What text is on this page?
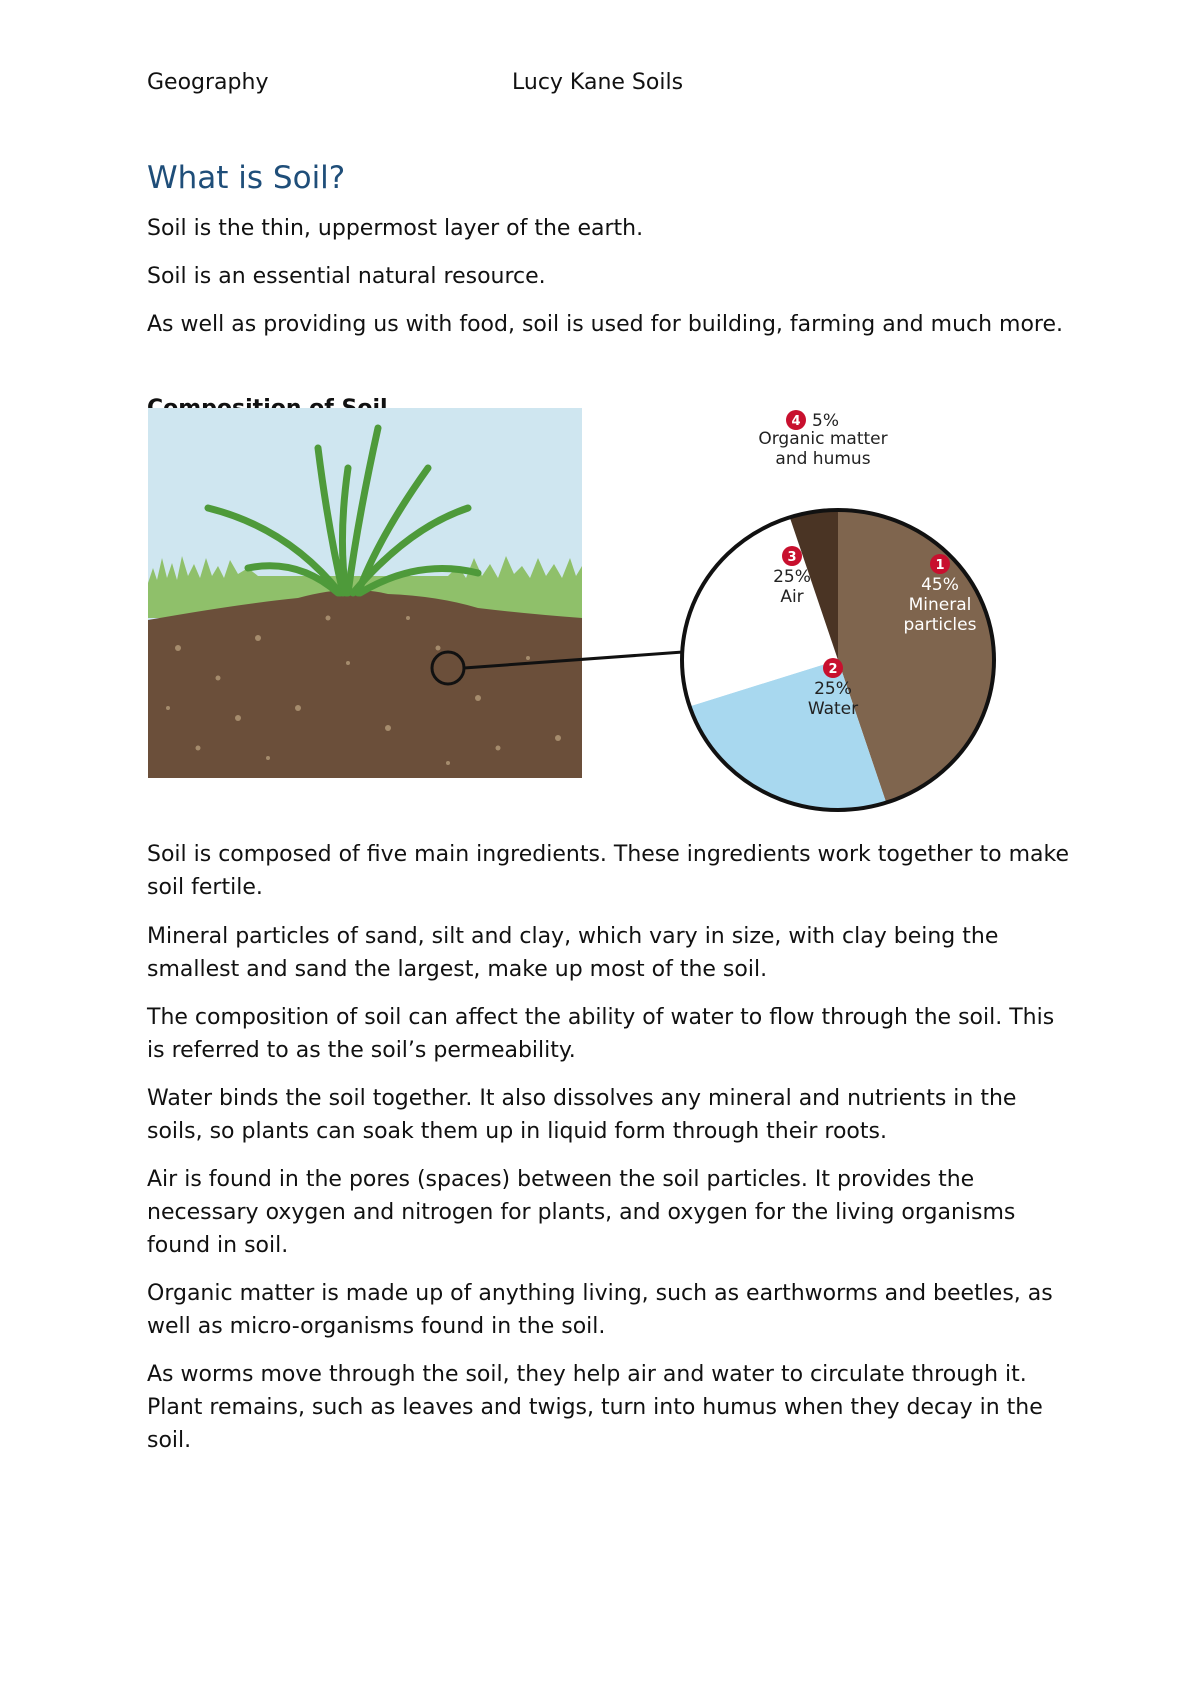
Geography	Lucy Kane Soils
What is Soil?

Soil is the thin, uppermost layer of the earth.

Soil is an essential natural resource.

As well as providing us with food, soil is used for building, farming and much more.

1
45%
Mineral
particles
2
25%
Water
3
25%
Air
4 5%
Organic matter
and humus

Soil is composed of five main ingredients. These ingredients work together to make soil fertile.

Mineral particles of sand, silt and clay, which vary in size, with clay being the smallest and sand the largest, make up most of the soil.

The composition of soil can affect the ability of water to flow through the soil. This is referred to as the soil’s permeability.

Water binds the soil together. It also dissolves any mineral and nutrients in the soils, so plants can soak them up in liquid form through their roots.

Air is found in the pores (spaces) between the soil particles. It provides the necessary oxygen and nitrogen for plants, and oxygen for the living organisms found in soil.

Organic matter is made up of anything living, such as earthworms and beetles, as well as micro-organisms found in the soil.

As worms move through the soil, they help air and water to circulate through it. Plant remains, such as leaves and twigs, turn into humus when they decay in the soil.
